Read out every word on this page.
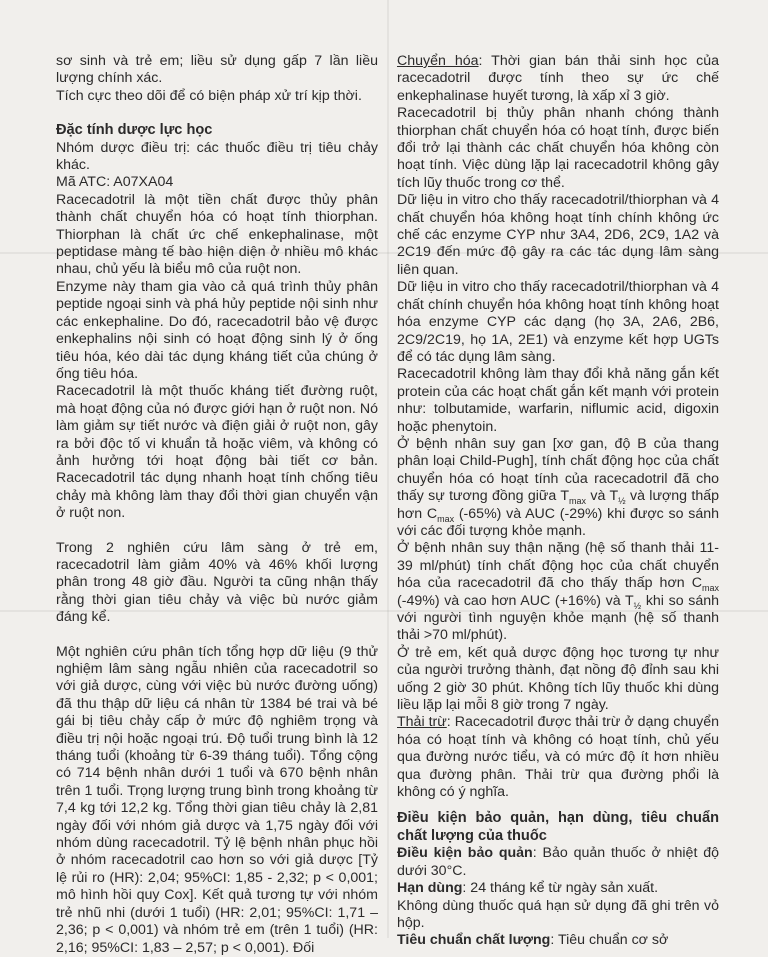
sơ sinh và trẻ em; liều sử dụng gấp 7 lần liều lượng chính xác.

Tích cực theo dõi để có biện pháp xử trí kịp thời.

Đặc tính dược lực học

Nhóm dược điều trị: các thuốc điều trị tiêu chảy khác.

Mã ATC: A07XA04

Racecadotril là một tiền chất được thủy phân thành chất chuyển hóa có hoạt tính thiorphan. Thiorphan là chất ức chế enkephalinase, một peptidase màng tế bào hiện diện ở nhiều mô khác nhau, chủ yếu là biểu mô của ruột non.

Enzyme này tham gia vào cả quá trình thủy phân peptide ngoại sinh và phá hủy peptide nội sinh như các enkephaline. Do đó, racecadotril bảo vệ được enkephalins nội sinh có hoạt động sinh lý ở ống tiêu hóa, kéo dài tác dụng kháng tiết của chúng ở ống tiêu hóa.

Racecadotril là một thuốc kháng tiết đường ruột, mà hoạt động của nó được giới hạn ở ruột non. Nó làm giảm sự tiết nước và điện giải ở ruột non, gây ra bởi độc tố vi khuẩn tả hoặc viêm, và không có ảnh hưởng tới hoạt động bài tiết cơ bản. Racecadotril tác dụng nhanh hoạt tính chống tiêu chảy mà không làm thay đổi thời gian chuyển vận ở ruột non.

Trong 2 nghiên cứu lâm sàng ở trẻ em, racecadotril làm giảm 40% và 46% khối lượng phân trong 48 giờ đầu. Người ta cũng nhận thấy rằng thời gian tiêu chảy và việc bù nước giảm đáng kể.

Một nghiên cứu phân tích tổng hợp dữ liệu (9 thử nghiệm lâm sàng ngẫu nhiên của racecadotril so với giả dược, cùng với việc bù nước đường uống) đã thu thập dữ liệu cá nhân từ 1384 bé trai và bé gái bị tiêu chảy cấp ở mức độ nghiêm trọng và điều trị nội hoặc ngoại trú. Độ tuổi trung bình là 12 tháng tuổi (khoảng từ 6-39 tháng tuổi). Tổng cộng có 714 bệnh nhân dưới 1 tuổi và 670 bệnh nhân trên 1 tuổi. Trọng lượng trung bình trong khoảng từ 7,4 kg tới 12,2 kg. Tổng thời gian tiêu chảy là 2,81 ngày đối với nhóm giả dược và 1,75 ngày đối với nhóm dùng racecadotril. Tỷ lệ bệnh nhân phục hồi ở nhóm racecadotril cao hơn so với giả dược [Tỷ lệ rủi ro (HR): 2,04; 95%CI: 1,85 - 2,32; p < 0,001; mô hình hồi quy Cox]. Kết quả tương tự với nhóm trẻ nhũ nhi (dưới 1 tuổi) (HR: 2,01; 95%CI: 1,71 – 2,36; p < 0,001) và nhóm trẻ em (trên 1 tuổi) (HR: 2,16; 95%CI: 1,83 – 2,57; p < 0,001). Đối

Chuyển hóa: Thời gian bán thải sinh học của racecadotril được tính theo sự ức chế enkephalinase huyết tương, là xấp xỉ 3 giờ.

Racecadotril bị thủy phân nhanh chóng thành thiorphan chất chuyển hóa có hoạt tính, được biến đổi trở lại thành các chất chuyển hóa không còn hoạt tính. Việc dùng lặp lại racecadotril không gây tích lũy thuốc trong cơ thể.

Dữ liệu in vitro cho thấy racecadotril/thiorphan và 4 chất chuyển hóa không hoạt tính chính không ức chế các enzyme CYP như 3A4, 2D6, 2C9, 1A2 và 2C19 đến mức độ gây ra các tác dụng lâm sàng liên quan.

Dữ liệu in vitro cho thấy racecadotril/thiorphan và 4 chất chính chuyển hóa không hoạt tính không hoạt hóa enzyme CYP các dạng (họ 3A, 2A6, 2B6, 2C9/2C19, họ 1A, 2E1) và enzyme kết hợp UGTs để có tác dụng lâm sàng.

Racecadotril không làm thay đổi khả năng gắn kết protein của các hoạt chất gắn kết mạnh với protein như: tolbutamide, warfarin, niflumic acid, digoxin hoặc phenytoin.

Ở bệnh nhân suy gan [xơ gan, độ B của thang phân loại Child-Pugh], tính chất động học của chất chuyển hóa có hoạt tính của racecadotril đã cho thấy sự tương đồng giữa $T_{max}$ và $T_{\frac{1}{2}}$ và lượng thấp hơn $C_{max}$ (-65%) và AUC (-29%) khi được so sánh với các đối tượng khỏe mạnh.

Ở bệnh nhân suy thận nặng (hệ số thanh thải 11-39 ml/phút) tính chất động học của chất chuyển hóa của racecadotril đã cho thấy thấp hơn $C_{max}$ (-49%) và cao hơn AUC (+16%) và $T_{\frac{1}{2}}$ khi so sánh với người tình nguyện khỏe mạnh (hệ số thanh thải >70 ml/phút).

Ở trẻ em, kết quả dược động học tương tự như của người trưởng thành, đạt nồng độ đỉnh sau khi uống 2 giờ 30 phút. Không tích lũy thuốc khi dùng liều lặp lại mỗi 8 giờ trong 7 ngày.

Thải trừ: Racecadotril được thải trừ ở dạng chuyển hóa có hoạt tính và không có hoạt tính, chủ yếu qua đường nước tiểu, và có mức độ ít hơn nhiều qua đường phân. Thải trừ qua đường phổi là không có ý nghĩa.

Điều kiện bảo quản, hạn dùng, tiêu chuẩn chất lượng của thuốc

Điều kiện bảo quản: Bảo quản thuốc ở nhiệt độ dưới 30°C.

Hạn dùng: 24 tháng kể từ ngày sản xuất.

Không dùng thuốc quá hạn sử dụng đã ghi trên vỏ hộp.

Tiêu chuẩn chất lượng: Tiêu chuẩn cơ sở
